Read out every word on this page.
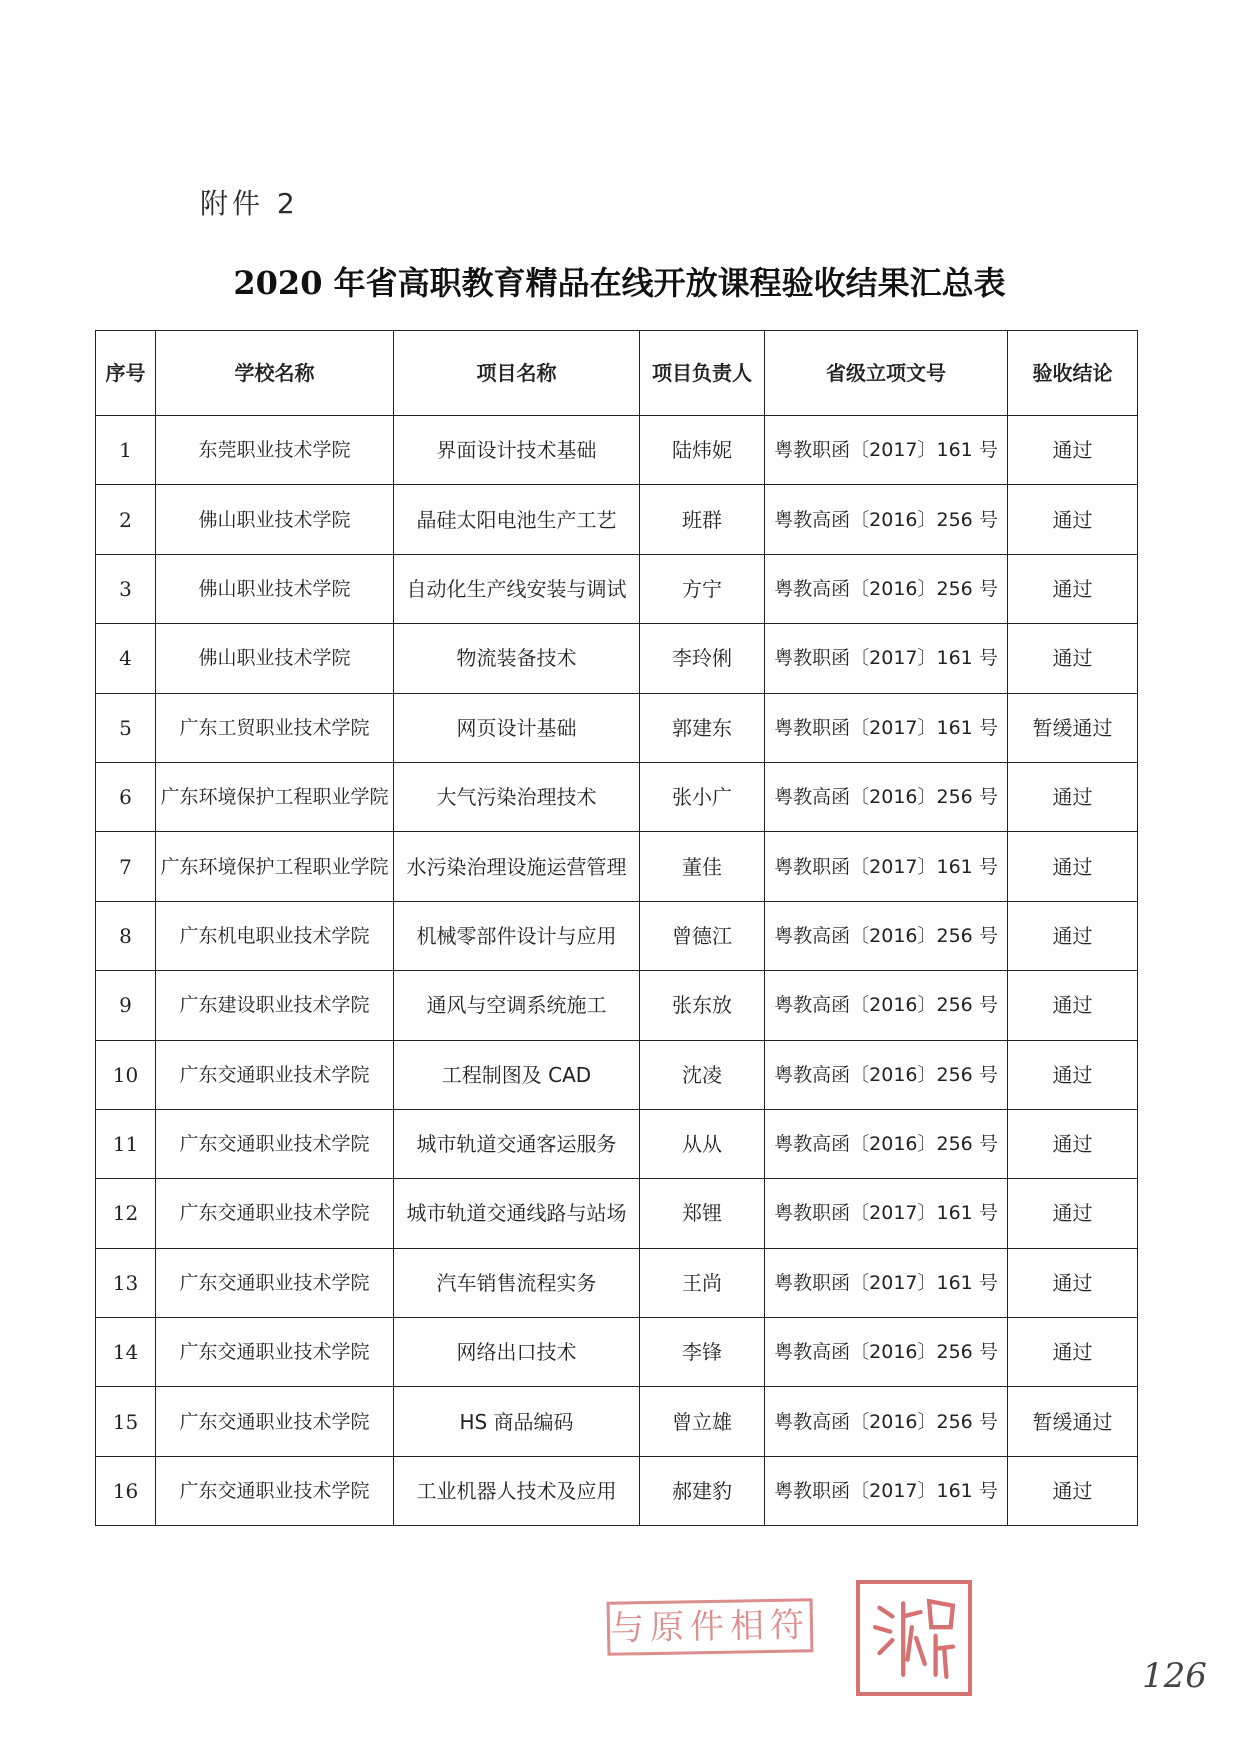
附件 2
2020 年省高职教育精品在线开放课程验收结果汇总表
序号	学校名称	项目名称	项目负责人	省级立项文号	验收结论
1	东莞职业技术学院	界面设计技术基础	陆炜妮	粤教职函〔2017〕161 号	通过
2	佛山职业技术学院	晶硅太阳电池生产工艺	班群	粤教高函〔2016〕256 号	通过
3	佛山职业技术学院	自动化生产线安装与调试	方宁	粤教高函〔2016〕256 号	通过
4	佛山职业技术学院	物流装备技术	李玲俐	粤教职函〔2017〕161 号	通过
5	广东工贸职业技术学院	网页设计基础	郭建东	粤教职函〔2017〕161 号	暂缓通过
6	广东环境保护工程职业学院	大气污染治理技术	张小广	粤教高函〔2016〕256 号	通过
7	广东环境保护工程职业学院	水污染治理设施运营管理	董佳	粤教职函〔2017〕161 号	通过
8	广东机电职业技术学院	机械零部件设计与应用	曾德江	粤教高函〔2016〕256 号	通过
9	广东建设职业技术学院	通风与空调系统施工	张东放	粤教高函〔2016〕256 号	通过
10	广东交通职业技术学院	工程制图及 CAD	沈凌	粤教高函〔2016〕256 号	通过
11	广东交通职业技术学院	城市轨道交通客运服务	从从	粤教高函〔2016〕256 号	通过
12	广东交通职业技术学院	城市轨道交通线路与站场	郑锂	粤教职函〔2017〕161 号	通过
13	广东交通职业技术学院	汽车销售流程实务	王尚	粤教职函〔2017〕161 号	通过
14	广东交通职业技术学院	网络出口技术	李锋	粤教高函〔2016〕256 号	通过
15	广东交通职业技术学院	HS 商品编码	曾立雄	粤教高函〔2016〕256 号	暂缓通过
16	广东交通职业技术学院	工业机器人技术及应用	郝建豹	粤教职函〔2017〕161 号	通过
与原件相符
126
